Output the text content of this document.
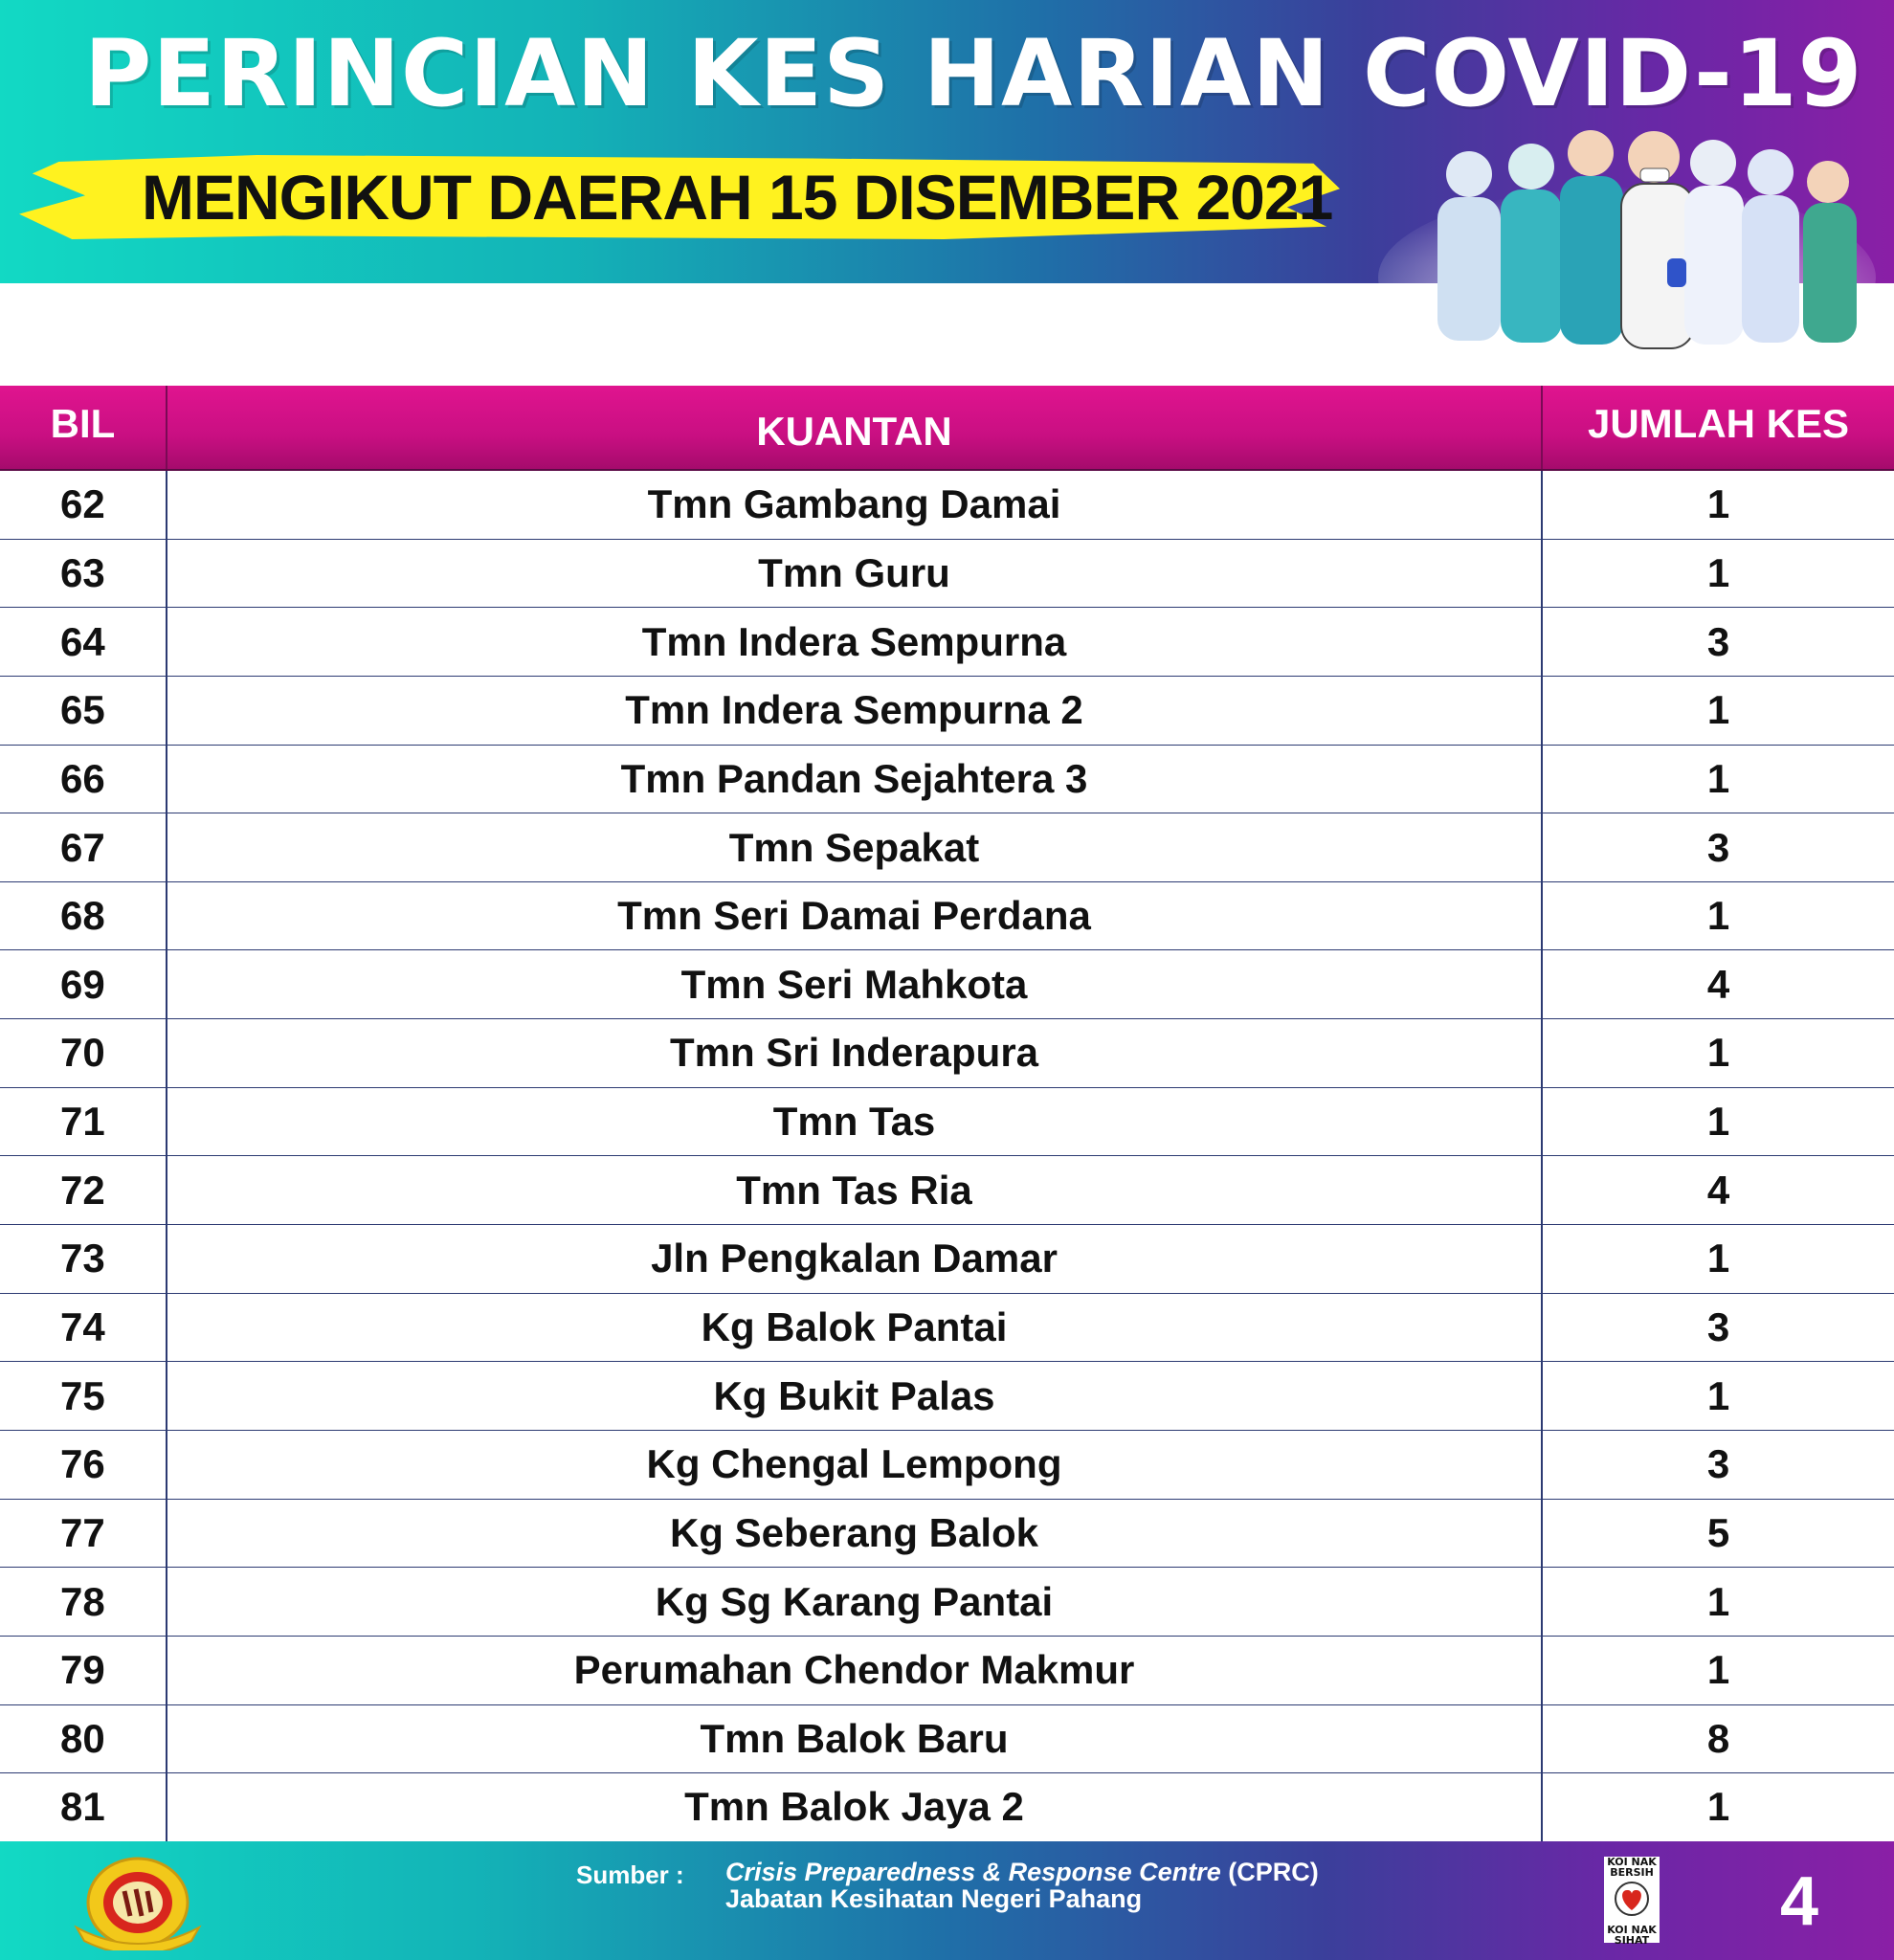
PERINCIAN KES HARIAN COVID-19
MENGIKUT DAERAH 15 DISEMBER 2021
BIL	KUANTAN	JUMLAH KES
62	Tmn Gambang Damai	1
63	Tmn Guru	1
64	Tmn Indera Sempurna	3
65	Tmn Indera Sempurna 2	1
66	Tmn Pandan Sejahtera 3	1
67	Tmn Sepakat	3
68	Tmn Seri Damai Perdana	1
69	Tmn Seri Mahkota	4
70	Tmn Sri Inderapura	1
71	Tmn Tas	1
72	Tmn Tas Ria	4
73	Jln Pengkalan Damar	1
74	Kg Balok Pantai	3
75	Kg Bukit Palas	1
76	Kg Chengal Lempong	3
77	Kg Seberang Balok	5
78	Kg Sg Karang Pantai	1
79	Perumahan Chendor Makmur	1
80	Tmn Balok Baru	8
81	Tmn Balok Jaya 2	1
Sumber : Crisis Preparedness & Response Centre (CPRC)
Jabatan Kesihatan Negeri Pahang
KOI NAK BERSIH
KOI NAK SIHAT
4
